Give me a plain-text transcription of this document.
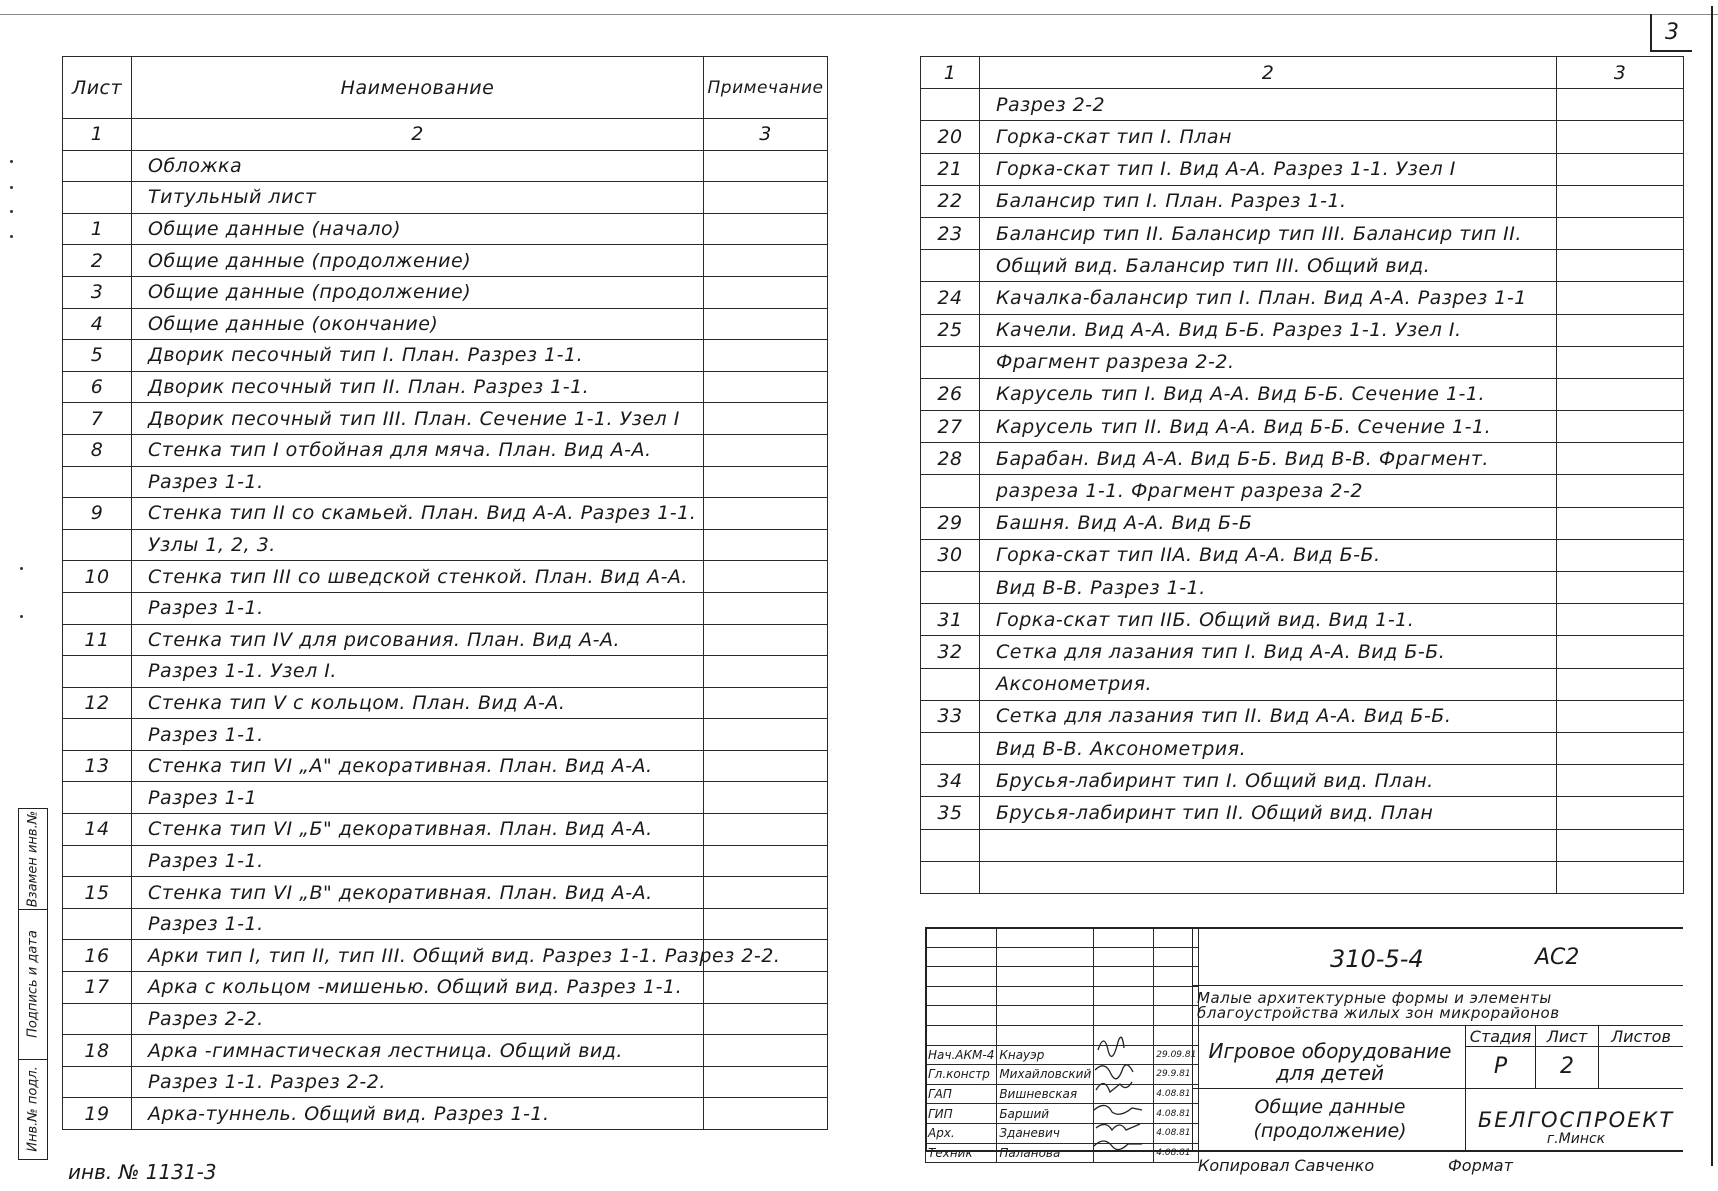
3
Лист	Наименование	Примечание
1	2	3
	Обложка	
	Титульный лист	
1	Общие данные (начало)	
2	Общие данные (продолжение)	
3	Общие данные (продолжение)	
4	Общие данные (окончание)	
5	Дворик песочный тип I. План. Разрез 1-1.	
6	Дворик песочный тип II. План. Разрез 1-1.	
7	Дворик песочный тип III. План. Сечение 1-1. Узел I	
8	Стенка тип I отбойная для мяча. План. Вид А-А.	
	Разрез 1-1.	
9	Стенка тип II со скамьей. План. Вид А-А. Разрез 1-1.	
	Узлы 1, 2, 3.	
10	Стенка тип III со шведской стенкой. План. Вид А-А.	
	Разрез 1-1.	
11	Стенка тип IV для рисования. План. Вид А-А.	
	Разрез 1-1. Узел I.	
12	Стенка тип V с кольцом. План. Вид А-А.	
	Разрез 1-1.	
13	Стенка тип VI „А" декоративная. План. Вид А-А.	
	Разрез 1-1	
14	Стенка тип VI „Б" декоративная. План. Вид А-А.	
	Разрез 1-1.	
15	Стенка тип VI „В" декоративная. План. Вид А-А.	
	Разрез 1-1.	
16	Арки тип I, тип II, тип III. Общий вид. Разрез 1-1. Разрез 2-2.	
17	Арка с кольцом -мишенью. Общий вид. Разрез 1-1.	
	Разрез 2-2.	
18	Арка -гимнастическая лестница. Общий вид.	
	Разрез 1-1. Разрез 2-2.	
19	Арка-туннель. Общий вид. Разрез 1-1.	
1	2	3
	Разрез 2-2	
20	Горка-скат тип I. План	
21	Горка-скат тип I. Вид А-А. Разрез 1-1. Узел I	
22	Балансир тип I. План. Разрез 1-1.	
23	Балансир тип II. Балансир тип III. Балансир тип II.	
	Общий вид. Балансир тип III. Общий вид.	
24	Качалка-балансир тип I. План. Вид А-А. Разрез 1-1	
25	Качели. Вид А-А. Вид Б-Б. Разрез 1-1. Узел I.	
	Фрагмент разреза 2-2.	
26	Карусель тип I. Вид А-А. Вид Б-Б. Сечение 1-1.	
27	Карусель тип II. Вид А-А. Вид Б-Б. Сечение 1-1.	
28	Барабан. Вид А-А. Вид Б-Б. Вид В-В. Фрагмент.	
	разреза 1-1. Фрагмент разреза 2-2	
29	Башня. Вид А-А. Вид Б-Б	
30	Горка-скат тип IIА. Вид А-А. Вид Б-Б.	
	Вид В-В. Разрез 1-1.	
31	Горка-скат тип IIБ. Общий вид. Вид 1-1.	
32	Сетка для лазания тип I. Вид А-А. Вид Б-Б.	
	Аксонометрия.	
33	Сетка для лазания тип II. Вид А-А. Вид Б-Б.	
	Вид В-В. Аксонометрия.	
34	Брусья-лабиринт тип I. Общий вид. План.	
35	Брусья-лабиринт тип II. Общий вид. План	

Нач.АКМ-4	Кнауэр		29.09.81
Гл.констр	Михайловский		29.9.81
ГАП	Вишневская		4.08.81
ГИП	Барший		4.08.81
Арх.	Зданевич		4.08.81
Техник	Паланова		4.08.81
310-5-4	АС2
Малые архитектурные формы и элементы благоустройства жилых зон микрорайонов
Игровое оборудование для детей
Общие данные (продолжение)
Стадия Лист	Листов
Р	2
БЕЛГОСПРОЕКТ
г.Минск
Копировал Савченко	Формат
инв. № 1131-3
Взамен инв.№
Подпись и дата
Инв.№ подл.
